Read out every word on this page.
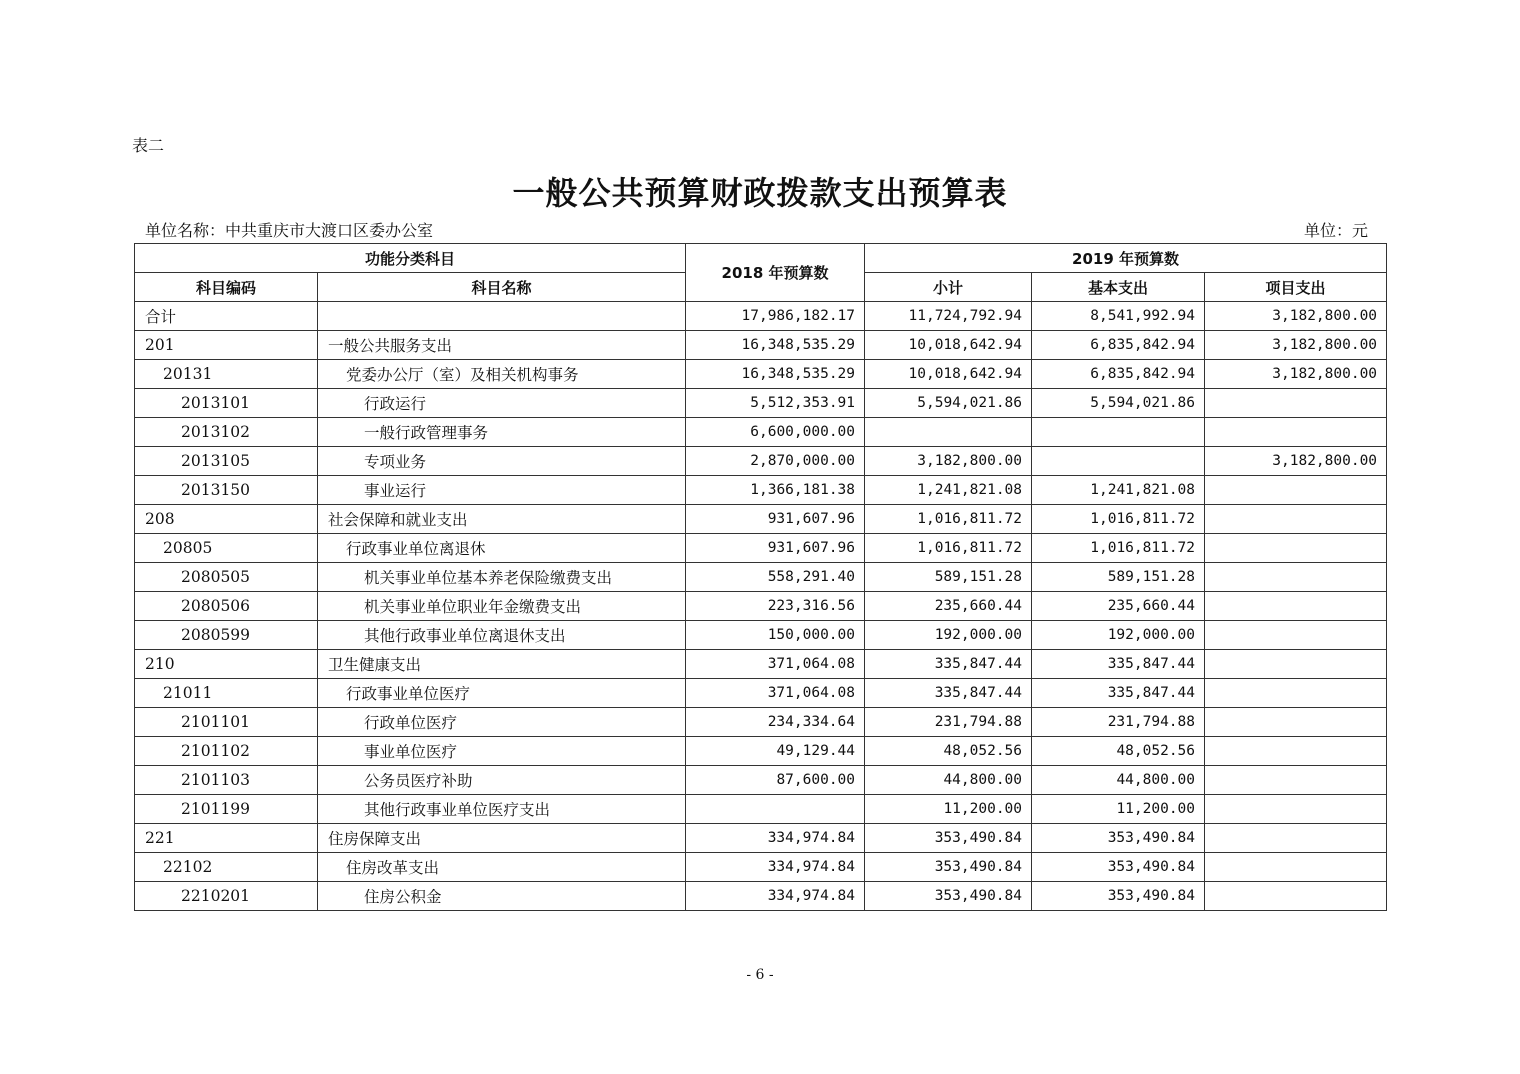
表二
一般公共预算财政拨款支出预算表
单位名称：中共重庆市大渡口区委办公室	单位：元
功能分类科目		2018 年预算数	2019 年预算数		
科目编码	科目名称		小计	基本支出	项目支出
合计		17,986,182.17	11,724,792.94	8,541,992.94	3,182,800.00
201	一般公共服务支出	16,348,535.29	10,018,642.94	6,835,842.94	3,182,800.00
20131	党委办公厅（室）及相关机构事务	16,348,535.29	10,018,642.94	6,835,842.94	3,182,800.00
2013101	行政运行	5,512,353.91	5,594,021.86	5,594,021.86	
2013102	一般行政管理事务	6,600,000.00			
2013105	专项业务	2,870,000.00	3,182,800.00		3,182,800.00
2013150	事业运行	1,366,181.38	1,241,821.08	1,241,821.08	
208	社会保障和就业支出	931,607.96	1,016,811.72	1,016,811.72	
20805	行政事业单位离退休	931,607.96	1,016,811.72	1,016,811.72	
2080505	机关事业单位基本养老保险缴费支出	558,291.40	589,151.28	589,151.28	
2080506	机关事业单位职业年金缴费支出	223,316.56	235,660.44	235,660.44	
2080599	其他行政事业单位离退休支出	150,000.00	192,000.00	192,000.00	
210	卫生健康支出	371,064.08	335,847.44	335,847.44	
21011	行政事业单位医疗	371,064.08	335,847.44	335,847.44	
2101101	行政单位医疗	234,334.64	231,794.88	231,794.88	
2101102	事业单位医疗	49,129.44	48,052.56	48,052.56	
2101103	公务员医疗补助	87,600.00	44,800.00	44,800.00	
2101199	其他行政事业单位医疗支出		11,200.00	11,200.00	
221	住房保障支出	334,974.84	353,490.84	353,490.84	
22102	住房改革支出	334,974.84	353,490.84	353,490.84	
2210201	住房公积金	334,974.84	353,490.84	353,490.84	
- 6 -
